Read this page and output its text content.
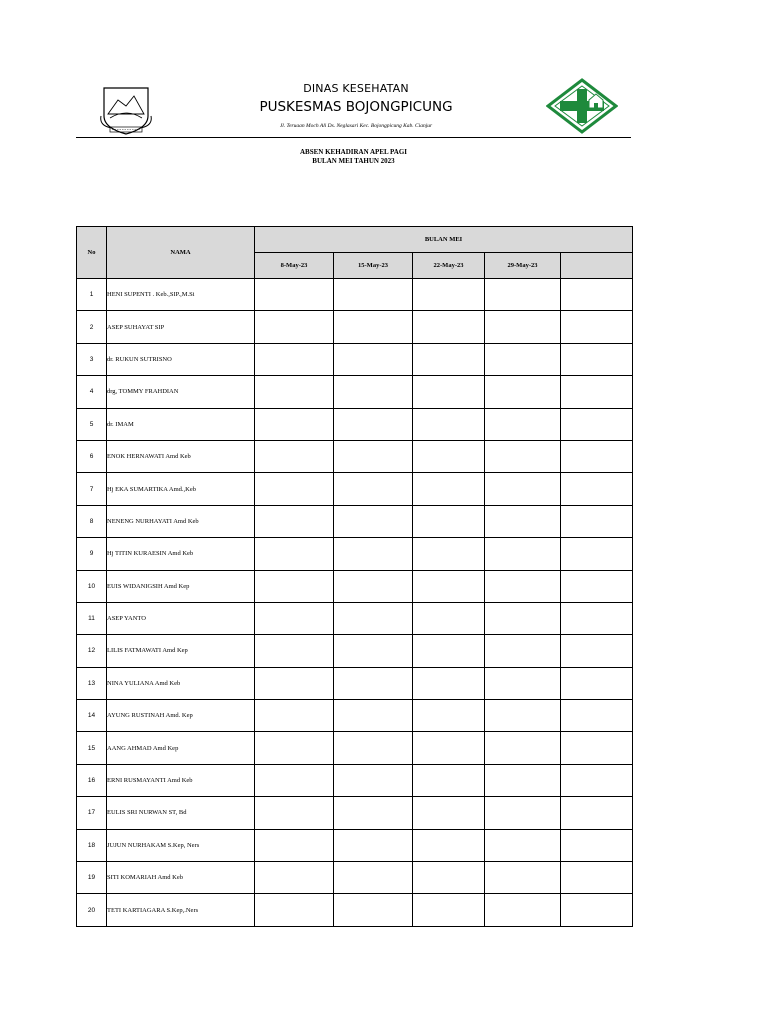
DINAS KESEHATAN
PUSKESMAS BOJONGPICUNG
Jl. Teruaan Moch Ali Ds. Neglasari Kec. Bojongpicung Kab. Cianjur
ABSEN KEHADIRAN APEL PAGI
BULAN MEI TAHUN 2023
No	NAMA	BULAN MEI				
		8-May-23	15-May-23	22-May-23	29-May-23	
1	HENI SUPENTI . Keb.,SIP.,M.Si					
2	ASEP SUHAYAT SIP					
3	dr. RUKUN SUTRISNO					
4	drg, TOMMY FRAHDIAN					
5	dr. IMAM					
6	ENOK HERNAWATI Amd Keb					
7	Hj EKA SUMARTIKA Amd.,Keb					
8	NENENG NURHAYATI Amd Keb					
9	Hj TITIN KURAESIN Amd Keb					
10	EUIS WIDANIGSIH Amd Kep					
11	ASEP YANTO					
12	LILIS FATMAWATI Amd Kep					
13	NINA YULIANA Amd Keb					
14	AYUNG RUSTINAH Amd. Kep					
15	AANG AHMAD Amd Kep					
16	ERNI RUSMAYANTI Amd Keb					
17	EULIS SRI NURWAN ST, Bd					
18	JUJUN NURHAKAM S.Kep, Ners					
19	SITI KOMARIAH Amd Keb					
20	TETI KARTIAGARA S.Kep,.Ners					
